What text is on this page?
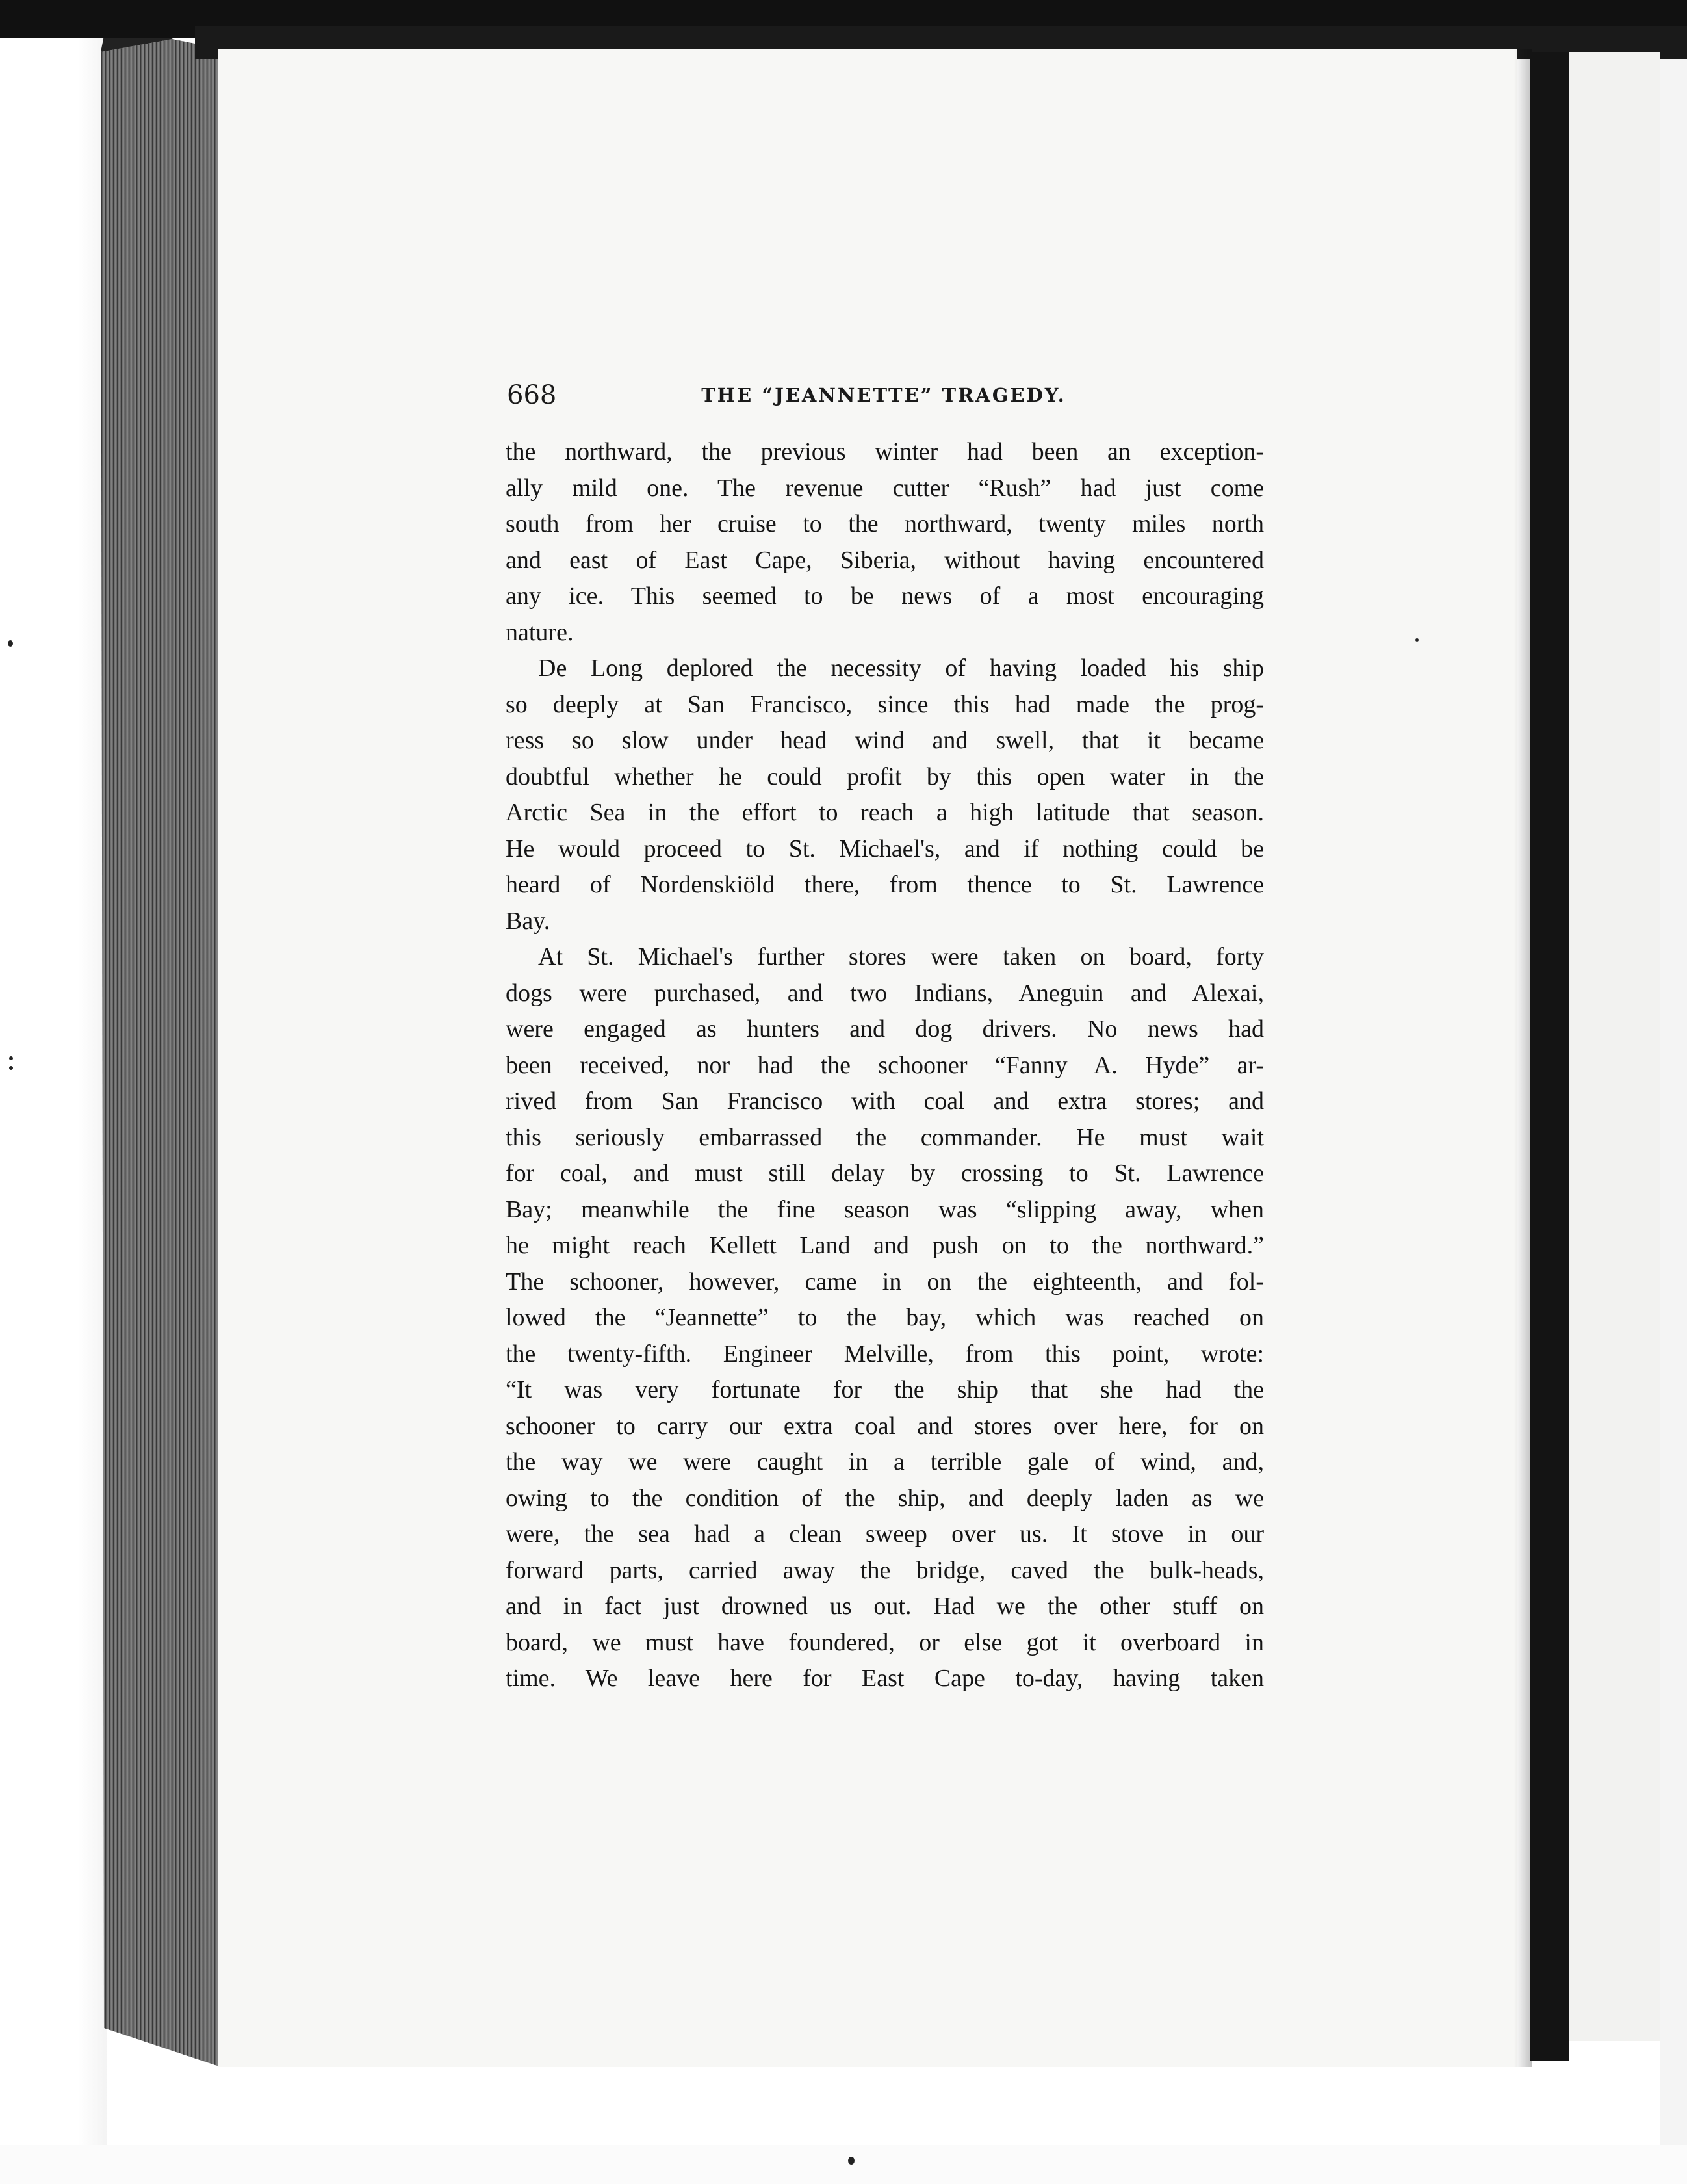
668	THE “JEANNETTE” TRAGEDY.
the northward, the previous winter had been an exception-
ally mild one. The revenue cutter “Rush” had just come
south from her cruise to the northward, twenty miles north
and east of East Cape, Siberia, without having encountered
any ice. This seemed to be news of a most encouraging
nature.
De Long deplored the necessity of having loaded his ship
so deeply at San Francisco, since this had made the prog-
ress so slow under head wind and swell, that it became
doubtful whether he could profit by this open water in the
Arctic Sea in the effort to reach a high latitude that season.
He would proceed to St. Michael's, and if nothing could be
heard of Nordenskiöld there, from thence to St. Lawrence
Bay.
At St. Michael's further stores were taken on board, forty
dogs were purchased, and two Indians, Aneguin and Alexai,
were engaged as hunters and dog drivers. No news had
been received, nor had the schooner “Fanny A. Hyde” ar-
rived from San Francisco with coal and extra stores; and
this seriously embarrassed the commander. He must wait
for coal, and must still delay by crossing to St. Lawrence
Bay; meanwhile the fine season was “slipping away, when
he might reach Kellett Land and push on to the northward.”
The schooner, however, came in on the eighteenth, and fol-
lowed the “Jeannette” to the bay, which was reached on
the twenty-fifth. Engineer Melville, from this point, wrote:
“It was very fortunate for the ship that she had the
schooner to carry our extra coal and stores over here, for on
the way we were caught in a terrible gale of wind, and,
owing to the condition of the ship, and deeply laden as we
were, the sea had a clean sweep over us. It stove in our
forward parts, carried away the bridge, caved the bulk-heads,
and in fact just drowned us out. Had we the other stuff on
board, we must have foundered, or else got it overboard in
time. We leave here for East Cape to-day, having taken
